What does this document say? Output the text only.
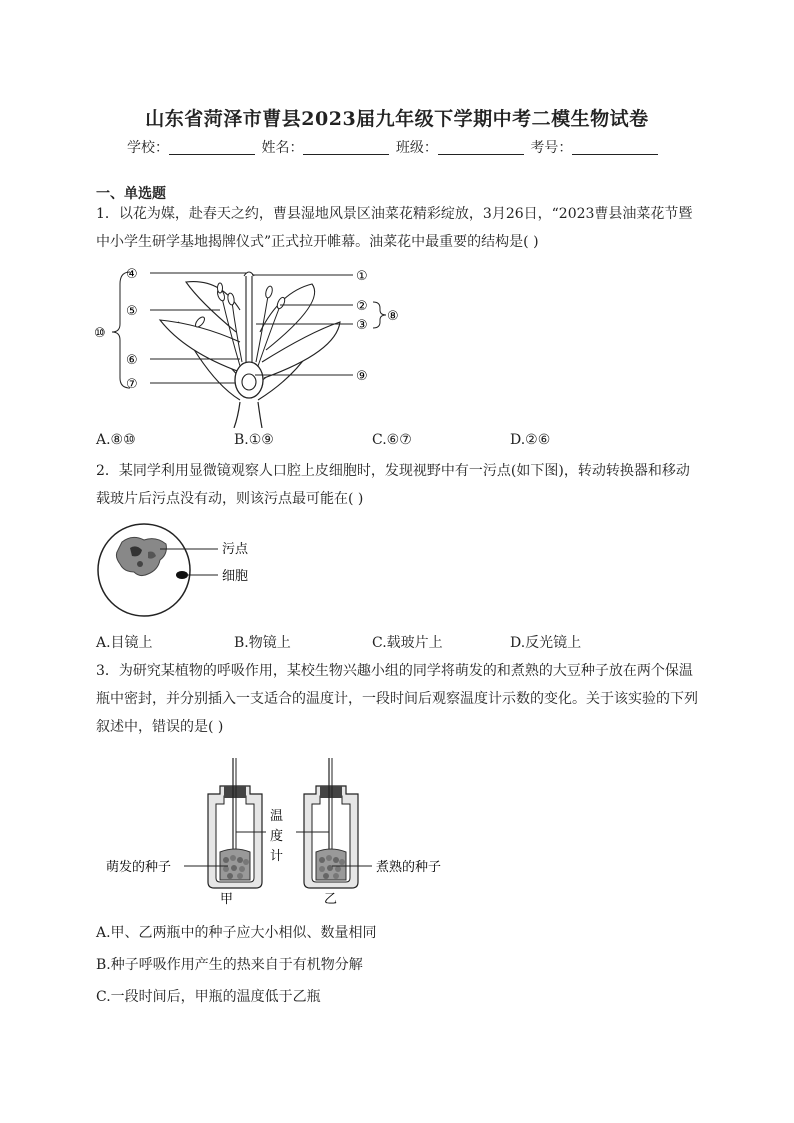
山东省菏泽市曹县2023届九年级下学期中考二模生物试卷
学校：	姓名：	班级：	考号：
一、单选题
1．以花为媒，赴春天之约，曹县湿地风景区油菜花精彩绽放，3月26日，“2023曹县油菜花节暨中小学生研学基地揭牌仪式”正式拉开帷幕。油菜花中最重要的结构是( )
④
⑤
⑥
⑦
⑩
①
②
③
⑧
⑨
A.⑧⑩	B.①⑨	C.⑥⑦	D.②⑥
2．某同学利用显微镜观察人口腔上皮细胞时，发现视野中有一污点(如下图)，转动转换器和移动载玻片后污点没有动，则该污点最可能在( )
污点
细胞
A.目镜上	B.物镜上	C.载玻片上	D.反光镜上
3．为研究某植物的呼吸作用，某校生物兴趣小组的同学将萌发的和煮熟的大豆种子放在两个保温瓶中密封，并分别插入一支适合的温度计，一段时间后观察温度计示数的变化。关于该实验的下列叙述中，错误的是( )
温
度
计
萌发的种子	煮熟的种子
甲	乙
A.甲、乙两瓶中的种子应大小相似、数量相同
B.种子呼吸作用产生的热来自于有机物分解
C.一段时间后，甲瓶的温度低于乙瓶
